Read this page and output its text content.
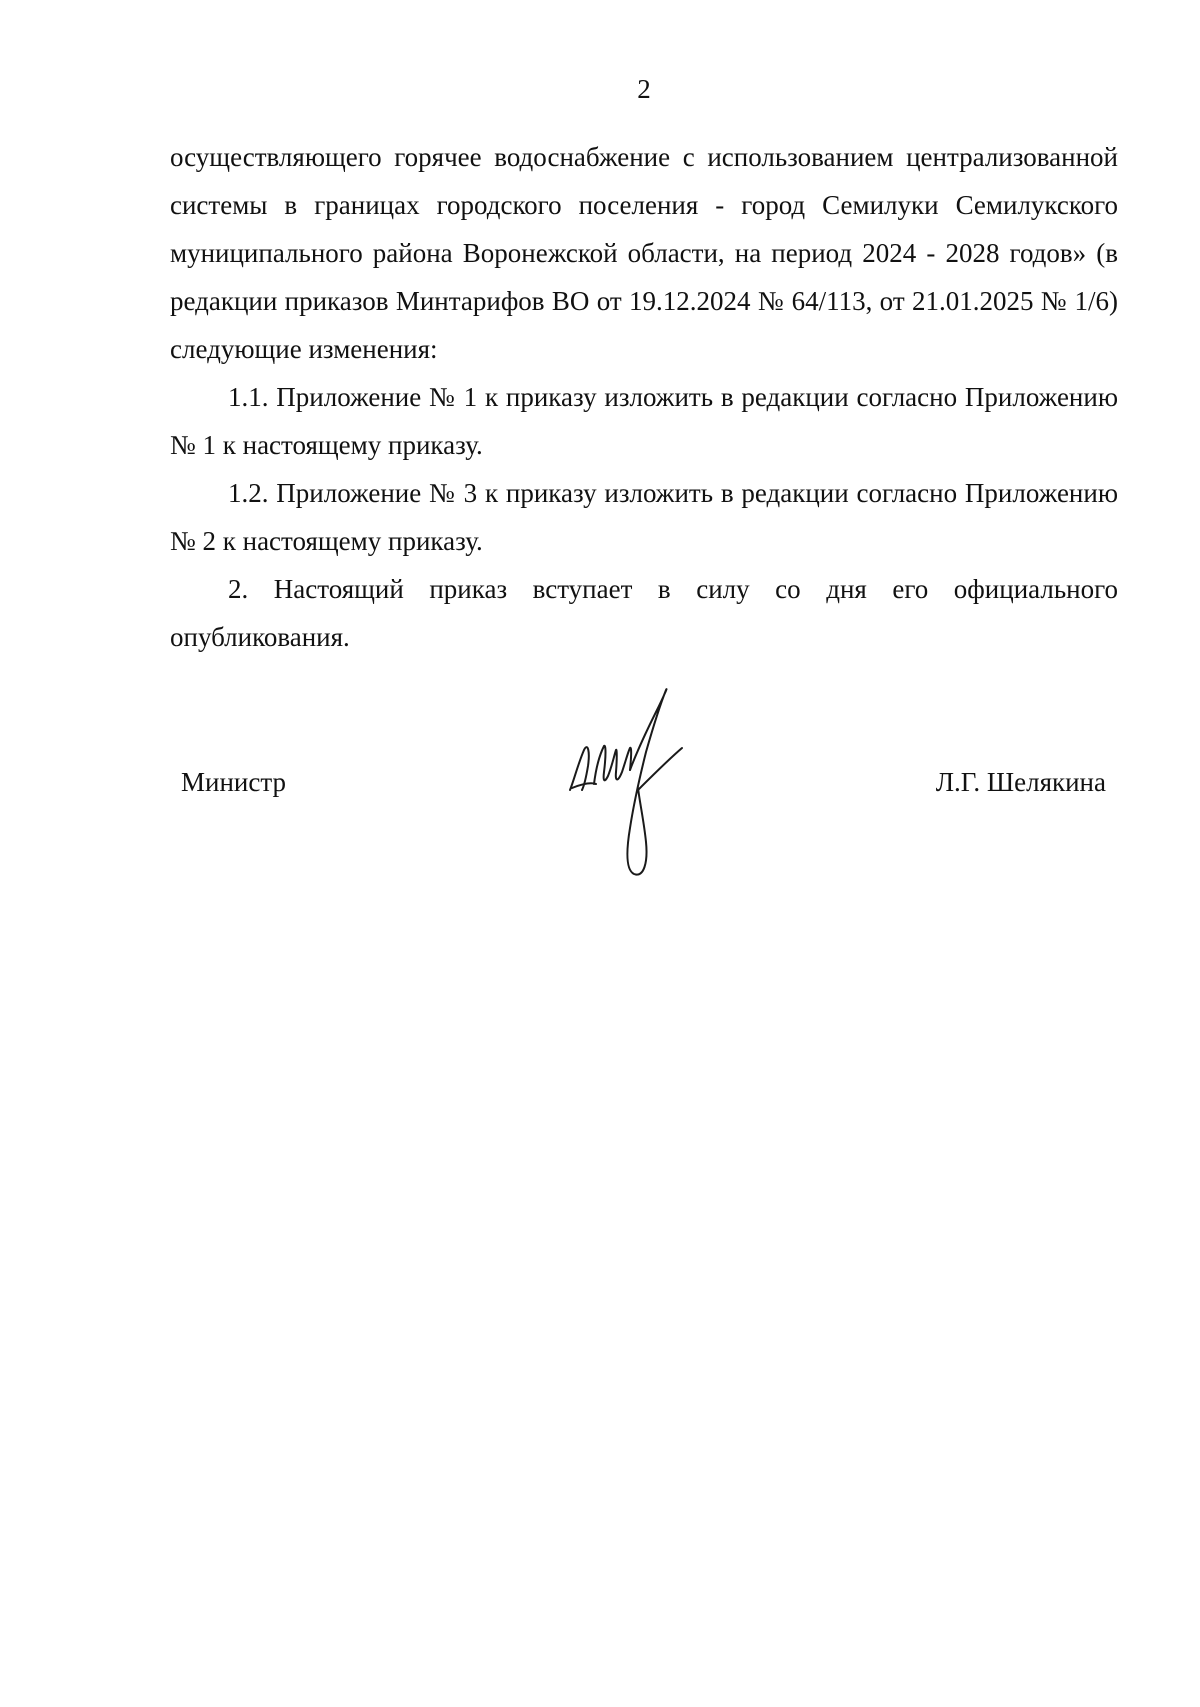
2

осуществляющего горячее водоснабжение с использованием централизованной системы в границах городского поселения - город Семилуки Семилукского муниципального района Воронежской области, на период 2024 - 2028 годов» (в редакции приказов Минтарифов ВО от 19.12.2024 № 64/113, от 21.01.2025 № 1/6) следующие изменения:

1.1. Приложение № 1 к приказу изложить в редакции согласно Приложению № 1 к настоящему приказу.

1.2. Приложение № 3 к приказу изложить в редакции согласно Приложению № 2 к настоящему приказу.

2. Настоящий приказ вступает в силу со дня его официального опубликования.

Министр	Л.Г. Шелякина
